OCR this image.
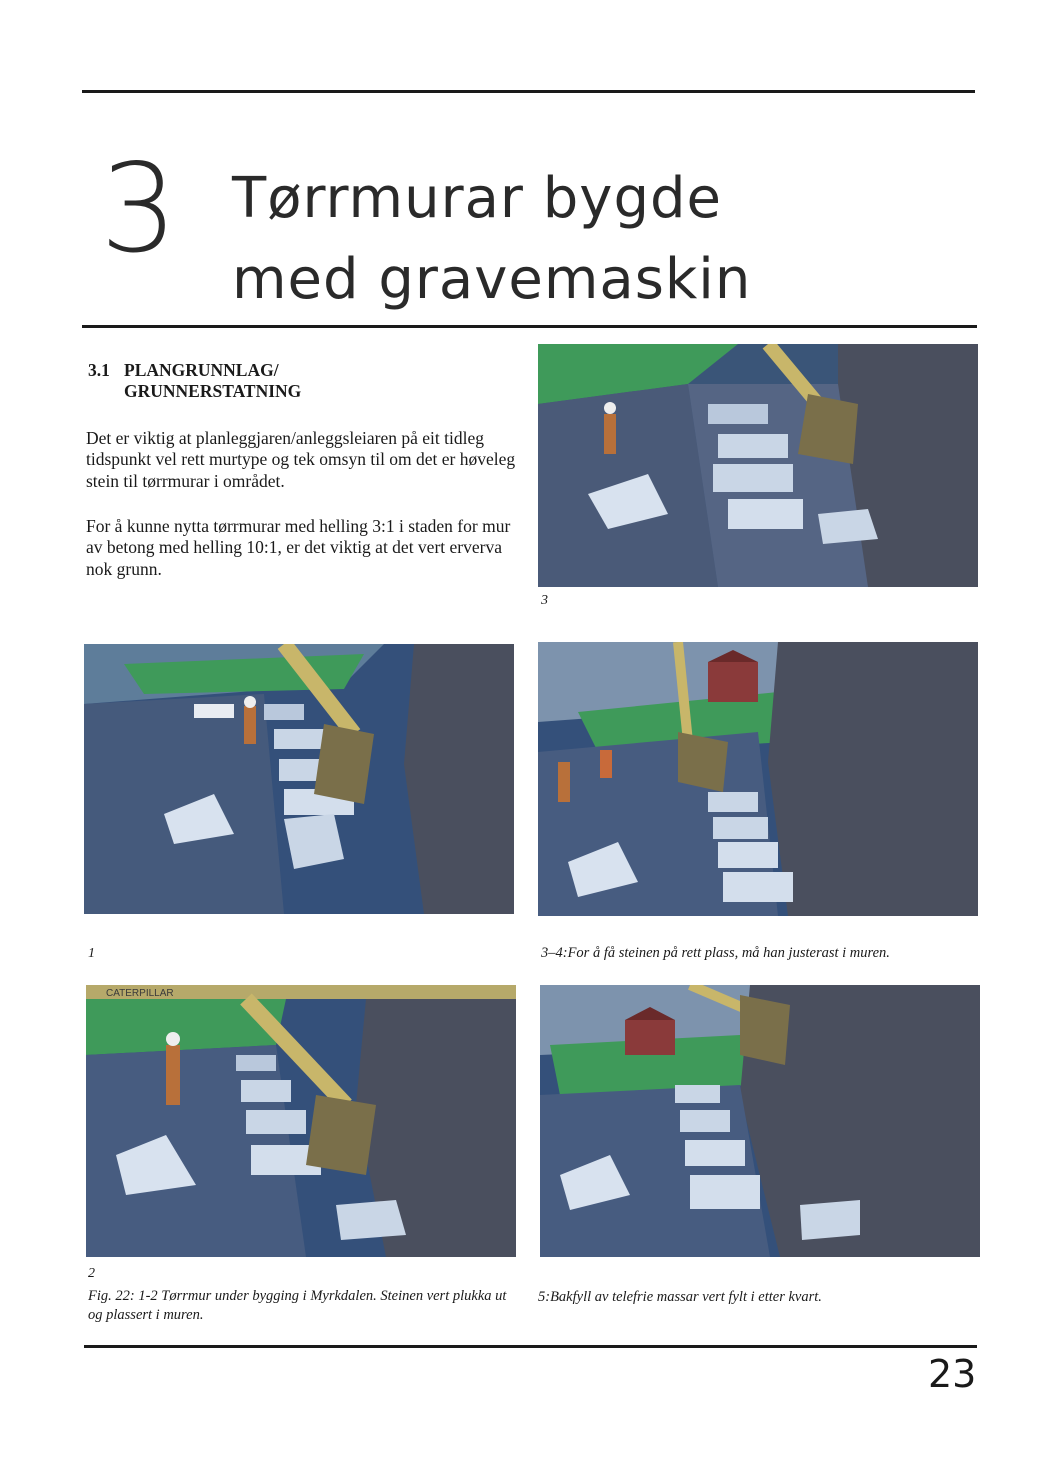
3 Tørrmurar bygde
med gravemaskin
3.1 PLANGRUNNLAG/
GRUNNERSTATNING

Det er viktig at planleggjaren/anleggsleiaren på eit tidleg tidspunkt vel rett murtype og tek omsyn til om det er høveleg stein til tørrmurar i området.

For å kunne nytta tørrmurar med helling 3:1 i staden for mur av betong med helling 10:1, er det viktig at det vert erverva nok grunn.

3
1	3–4:For å få steinen på rett plass, må han justerast i muren.
CATERPILLAR
2
Fig. 22: 1-2 Tørrmur under bygging i Myrkdalen. Steinen vert plukka ut og plassert i muren.
5:Bakfyll av telefrie massar vert fylt i etter kvart.
23
